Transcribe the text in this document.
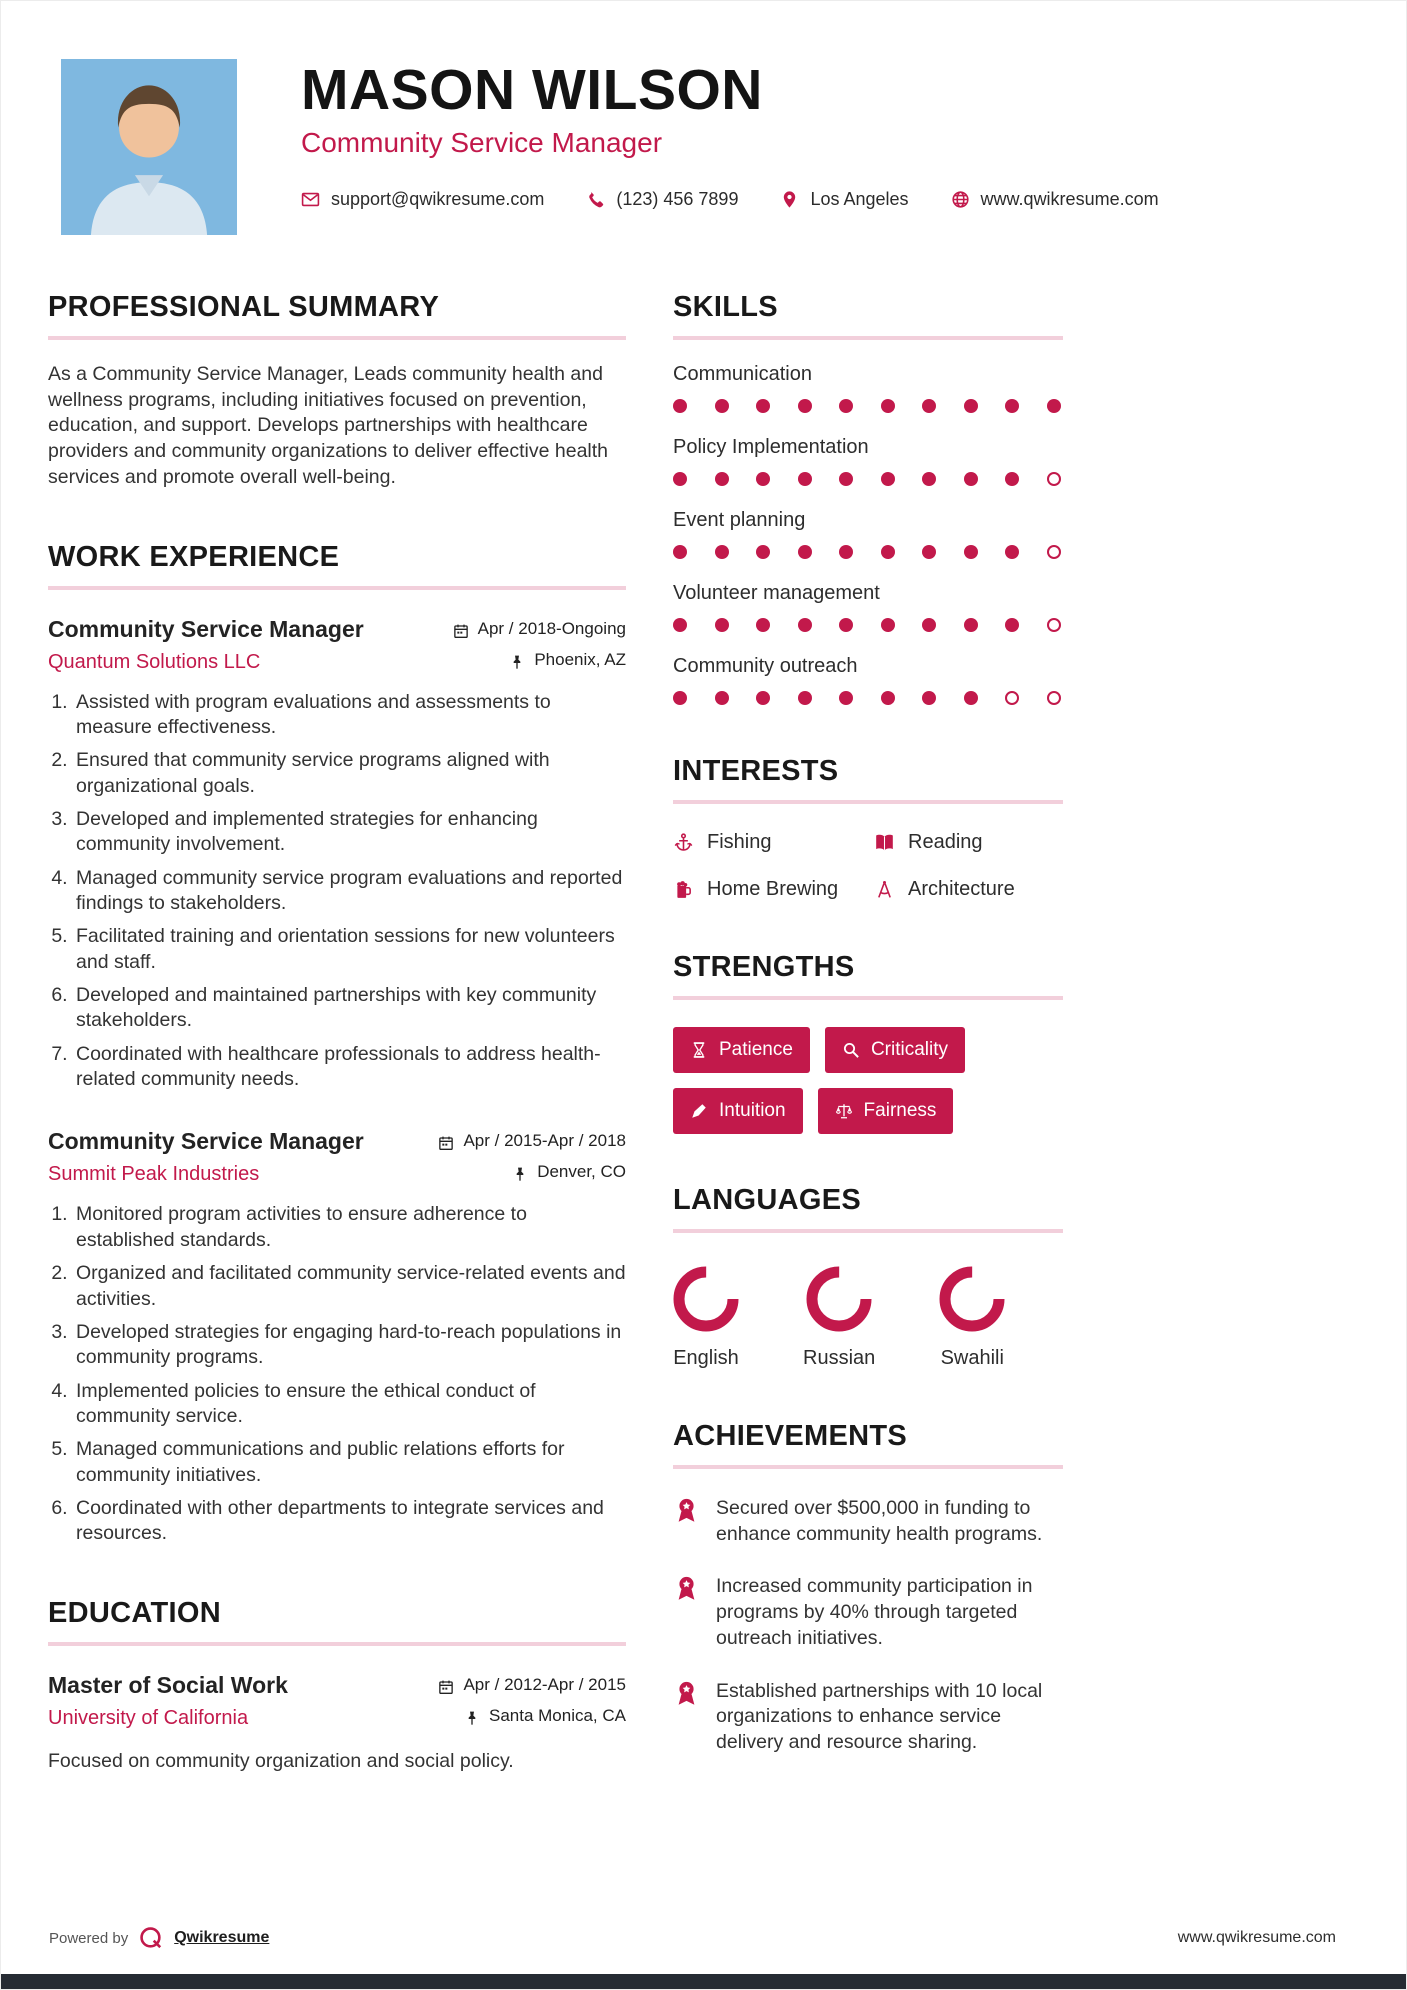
MASON WILSON
Community Service Manager
support@qwikresume.com	(123) 456 7899	Los Angeles	www.qwikresume.com
PROFESSIONAL SUMMARY

As a Community Service Manager, Leads community health and wellness programs, including initiatives focused on prevention, education, and support. Develops partnerships with healthcare providers and community organizations to deliver effective health services and promote overall well-being.

WORK EXPERIENCE
Community Service Manager	Apr / 2018-Ongoing
Quantum Solutions LLC	Phoenix, AZ
1. Assisted with program evaluations and assessments to measure effectiveness.
2. Ensured that community service programs aligned with organizational goals.
3. Developed and implemented strategies for enhancing community involvement.
4. Managed community service program evaluations and reported findings to stakeholders.
5. Facilitated training and orientation sessions for new volunteers and staff.
6. Developed and maintained partnerships with key community stakeholders.
7. Coordinated with healthcare professionals to address health-related community needs.
Community Service Manager	Apr / 2015-Apr / 2018
Summit Peak Industries	Denver, CO
1. Monitored program activities to ensure adherence to established standards.
2. Organized and facilitated community service-related events and activities.
3. Developed strategies for engaging hard-to-reach populations in community programs.
4. Implemented policies to ensure the ethical conduct of community service.
5. Managed communications and public relations efforts for community initiatives.
6. Coordinated with other departments to integrate services and resources.
EDUCATION
Master of Social Work	Apr / 2012-Apr / 2015
University of California	Santa Monica, CA

Focused on community organization and social policy.

SKILLS
Communication
Policy Implementation
Event planning
Volunteer management
Community outreach
INTERESTS
Fishing	Reading
Home Brewing	Architecture
STRENGTHS
Patience	Criticality
Intuition	Fairness
LANGUAGES
English	Russian	Swahili
ACHIEVEMENTS

Secured over $500,000 in funding to enhance community health programs.

Increased community participation in programs by 40% through targeted outreach initiatives.

Established partnerships with 10 local organizations to enhance service delivery and resource sharing.

Powered by	Qwikresume	www.qwikresume.com
